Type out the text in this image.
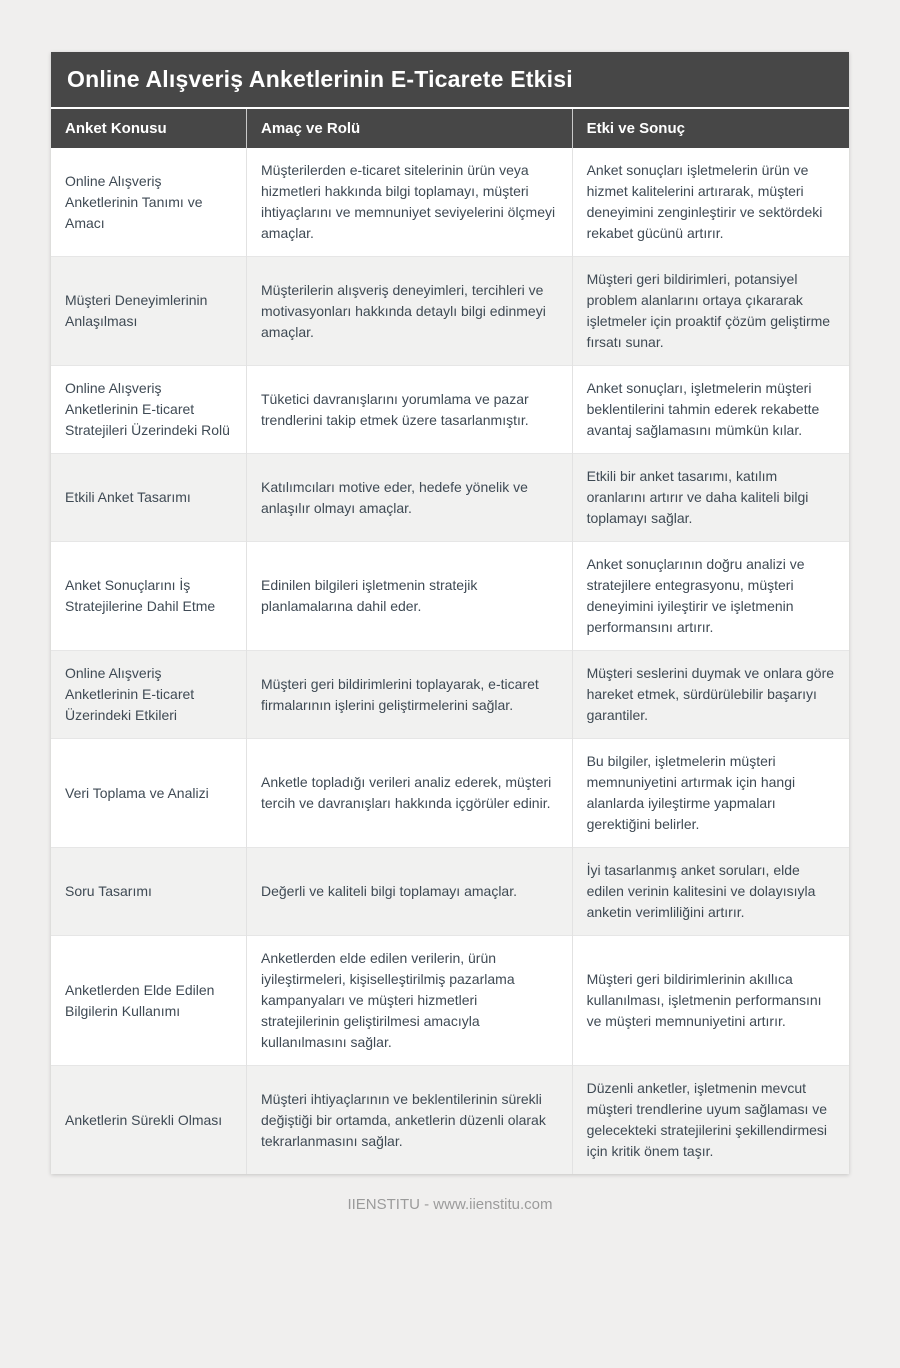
Online Alışveriş Anketlerinin E-Ticarete Etkisi
Anket Konusu	Amaç ve Rolü	Etki ve Sonuç
Online Alışveriş Anketlerinin Tanımı ve Amacı	Müşterilerden e-ticaret sitelerinin ürün veya hizmetleri hakkında bilgi toplamayı, müşteri ihtiyaçlarını ve memnuniyet seviyelerini ölçmeyi amaçlar.	Anket sonuçları işletmelerin ürün ve hizmet kalitelerini artırarak, müşteri deneyimini zenginleştirir ve sektördeki rekabet gücünü artırır.
Müşteri Deneyimlerinin Anlaşılması	Müşterilerin alışveriş deneyimleri, tercihleri ve motivasyonları hakkında detaylı bilgi edinmeyi amaçlar.	Müşteri geri bildirimleri, potansiyel problem alanlarını ortaya çıkararak işletmeler için proaktif çözüm geliştirme fırsatı sunar.
Online Alışveriş Anketlerinin E-ticaret Stratejileri Üzerindeki Rolü	Tüketici davranışlarını yorumlama ve pazar trendlerini takip etmek üzere tasarlanmıştır.	Anket sonuçları, işletmelerin müşteri beklentilerini tahmin ederek rekabette avantaj sağlamasını mümkün kılar.
Etkili Anket Tasarımı	Katılımcıları motive eder, hedefe yönelik ve anlaşılır olmayı amaçlar.	Etkili bir anket tasarımı, katılım oranlarını artırır ve daha kaliteli bilgi toplamayı sağlar.
Anket Sonuçlarını İş Stratejilerine Dahil Etme	Edinilen bilgileri işletmenin stratejik planlamalarına dahil eder.	Anket sonuçlarının doğru analizi ve stratejilere entegrasyonu, müşteri deneyimini iyileştirir ve işletmenin performansını artırır.
Online Alışveriş Anketlerinin E-ticaret Üzerindeki Etkileri	Müşteri geri bildirimlerini toplayarak, e-ticaret firmalarının işlerini geliştirmelerini sağlar.	Müşteri seslerini duymak ve onlara göre hareket etmek, sürdürülebilir başarıyı garantiler.
Veri Toplama ve Analizi	Anketle topladığı verileri analiz ederek, müşteri tercih ve davranışları hakkında içgörüler edinir.	Bu bilgiler, işletmelerin müşteri memnuniyetini artırmak için hangi alanlarda iyileştirme yapmaları gerektiğini belirler.
Soru Tasarımı	Değerli ve kaliteli bilgi toplamayı amaçlar.	İyi tasarlanmış anket soruları, elde edilen verinin kalitesini ve dolayısıyla anketin verimliliğini artırır.
Anketlerden Elde Edilen Bilgilerin Kullanımı	Anketlerden elde edilen verilerin, ürün iyileştirmeleri, kişiselleştirilmiş pazarlama kampanyaları ve müşteri hizmetleri stratejilerinin geliştirilmesi amacıyla kullanılmasını sağlar.	Müşteri geri bildirimlerinin akıllıca kullanılması, işletmenin performansını ve müşteri memnuniyetini artırır.
Anketlerin Sürekli Olması	Müşteri ihtiyaçlarının ve beklentilerinin sürekli değiştiği bir ortamda, anketlerin düzenli olarak tekrarlanmasını sağlar.	Düzenli anketler, işletmenin mevcut müşteri trendlerine uyum sağlaması ve gelecekteki stratejilerini şekillendirmesi için kritik önem taşır.
IIENSTITU - www.iienstitu.com
